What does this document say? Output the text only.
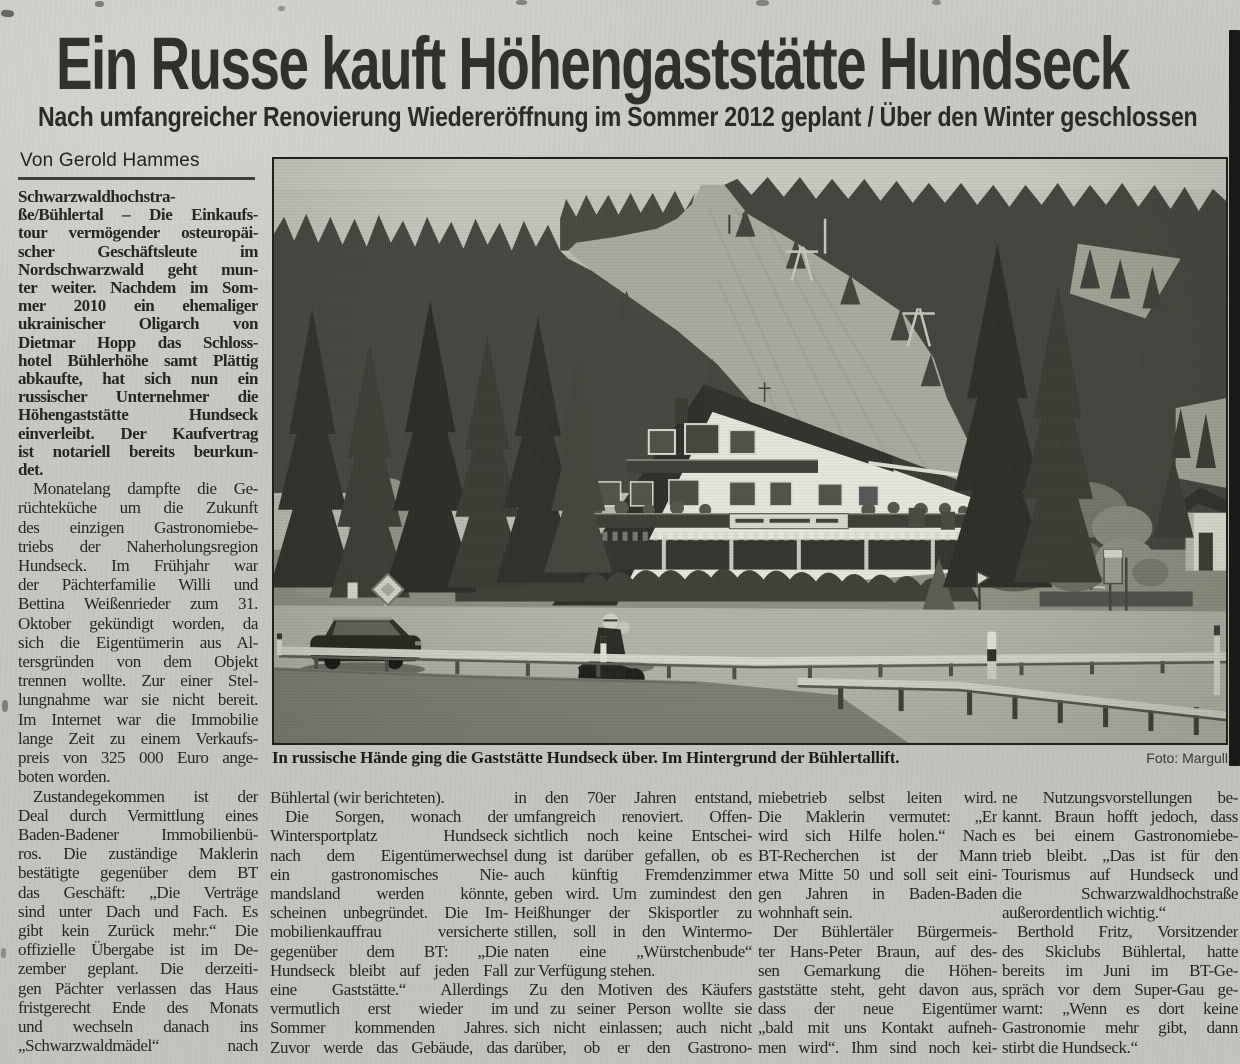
Ein Russe kauft Höhengaststätte Hundseck
Nach umfangreicher Renovierung Wiedereröffnung im Sommer 2012 geplant / Über den Winter geschlossen
Von Gerold Hammes
Schwarzwaldhochstra-
ße/Bühlertal – Die Einkaufs-
tour vermögender osteuropäi-
scher Geschäftsleute im
Nordschwarzwald geht mun-
ter weiter. Nachdem im Som-
mer 2010 ein ehemaliger
ukrainischer Oligarch von
Dietmar Hopp das Schloss-
hotel Bühlerhöhe samt Plättig
abkaufte, hat sich nun ein
russischer Unternehmer die
Höhengaststätte Hundseck
einverleibt. Der Kaufvertrag
ist notariell bereits beurkun-
det.
Monatelang dampfte die Ge-
rüchteküche um die Zukunft
des einzigen Gastronomiebe-
triebs der Naherholungsregion
Hundseck. Im Frühjahr war
der Pächterfamilie Willi und
Bettina Weißenrieder zum 31.
Oktober gekündigt worden, da
sich die Eigentümerin aus Al-
tersgründen von dem Objekt
trennen wollte. Zur einer Stel-
lungnahme war sie nicht bereit.
Im Internet war die Immobilie
lange Zeit zu einem Verkaufs-
preis von 325 000 Euro ange-
boten worden.
Zustandegekommen ist der
Deal durch Vermittlung eines
Baden-Badener Immobilienbü-
ros. Die zuständige Maklerin
bestätigte gegenüber dem BT
das Geschäft: „Die Verträge
sind unter Dach und Fach. Es
gibt kein Zurück mehr.“ Die
offizielle Übergabe ist im De-
zember geplant. Die derzeiti-
gen Pächter verlassen das Haus
fristgerecht Ende des Monats
und wechseln danach ins
„Schwarzwaldmädel“ nach
Bühlertal (wir berichteten).
Die Sorgen, wonach der
Wintersportplatz Hundseck
nach dem Eigentümerwechsel
ein gastronomisches Nie-
mandsland werden könnte,
scheinen unbegründet. Die Im-
mobilienkauffrau versicherte
gegenüber dem BT: „Die
Hundseck bleibt auf jeden Fall
eine Gaststätte.“ Allerdings
vermutlich erst wieder im
Sommer kommenden Jahres.
Zuvor werde das Gebäude, das
in den 70er Jahren entstand,
umfangreich renoviert. Offen-
sichtlich noch keine Entschei-
dung ist darüber gefallen, ob es
auch künftig Fremdenzimmer
geben wird. Um zumindest den
Heißhunger der Skisportler zu
stillen, soll in den Wintermo-
naten eine „Würstchenbude“
zur Verfügung stehen.
Zu den Motiven des Käufers
und zu seiner Person wollte sie
sich nicht einlassen; auch nicht
darüber, ob er den Gastrono-
miebetrieb selbst leiten wird.
Die Maklerin vermutet: „Er
wird sich Hilfe holen.“ Nach
BT-Recherchen ist der Mann
etwa Mitte 50 und soll seit eini-
gen Jahren in Baden-Baden
wohnhaft sein.
Der Bühlertäler Bürgermeis-
ter Hans-Peter Braun, auf des-
sen Gemarkung die Höhen-
gaststätte steht, geht davon aus,
dass der neue Eigentümer
„bald mit uns Kontakt aufneh-
men wird“. Ihm sind noch kei-
ne Nutzungsvorstellungen be-
kannt. Braun hofft jedoch, dass
es bei einem Gastronomiebe-
trieb bleibt. „Das ist für den
Tourismus auf Hundseck und
die Schwarzwaldhochstraße
außerordentlich wichtig.“
Berthold Fritz, Vorsitzender
des Skiclubs Bühlertal, hatte
bereits im Juni im BT-Ge-
spräch vor dem Super-Gau ge-
warnt: „Wenn es dort keine
Gastronomie mehr gibt, dann
stirbt die Hundseck.“
In russische Hände ging die Gaststätte Hundseck über. Im Hintergrund der Bühlertallift.	Foto: Margull
